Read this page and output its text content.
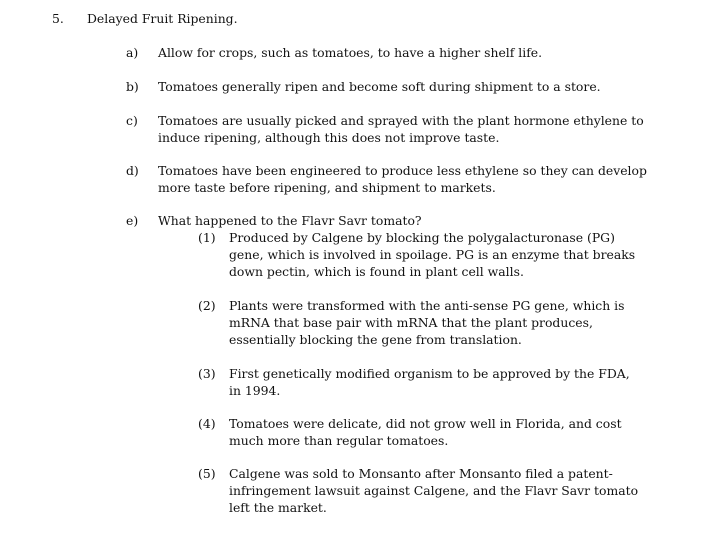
5. Delayed Fruit Ripening.
a) Allow for crops, such as tomatoes, to have a higher shelf life.
b) Tomatoes generally ripen and become soft during shipment to a store.
c) Tomatoes are usually picked and sprayed with the plant hormone ethylene to
induce ripening, although this does not improve taste.
d) Tomatoes have been engineered to produce less ethylene so they can develop
more taste before ripening, and shipment to markets.
e) What happened to the Flavr Savr tomato?
(1) Produced by Calgene by blocking the polygalacturonase (PG)
gene, which is involved in spoilage. PG is an enzyme that breaks
down pectin, which is found in plant cell walls.
(2) Plants were transformed with the anti-sense PG gene, which is
mRNA that base pair with mRNA that the plant produces,
essentially blocking the gene from translation.
(3) First genetically modified organism to be approved by the FDA,
in 1994.
(4) Tomatoes were delicate, did not grow well in Florida, and cost
much more than regular tomatoes.
(5) Calgene was sold to Monsanto after Monsanto filed a patent-
infringement lawsuit against Calgene, and the Flavr Savr tomato
left the market.
